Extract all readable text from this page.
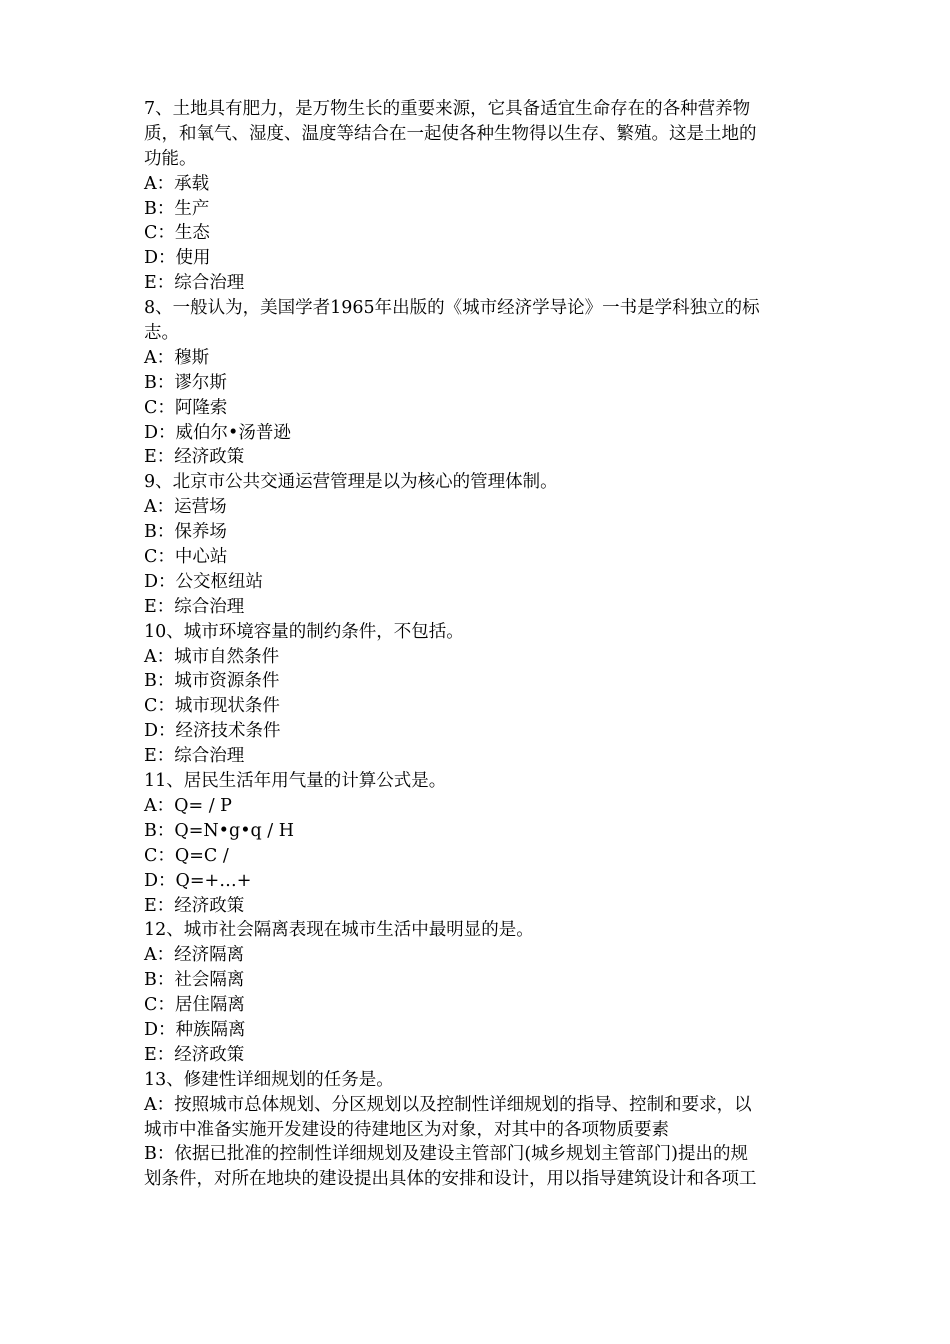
7、土地具有肥力，是万物生长的重要来源，它具备适宜生命存在的各种营养物
质，和氧气、湿度、温度等结合在一起使各种生物得以生存、繁殖。这是土地的
功能。
A：承载
B：生产
C：生态
D：使用
E：综合治理
8、一般认为，美国学者1965年出版的《城市经济学导论》一书是学科独立的标
志。
A：穆斯
B：谬尔斯
C：阿隆索
D：威伯尔•汤普逊
E：经济政策
9、北京市公共交通运营管理是以为核心的管理体制。
A：运营场
B：保养场
C：中心站
D：公交枢纽站
E：综合治理
10、城市环境容量的制约条件，不包括。
A：城市自然条件
B：城市资源条件
C：城市现状条件
D：经济技术条件
E：综合治理
11、居民生活年用气量的计算公式是。
A：Q= / P
B：Q=N•g•q / H
C：Q=C /
D：Q=+…+
E：经济政策
12、城市社会隔离表现在城市生活中最明显的是。
A：经济隔离
B：社会隔离
C：居住隔离
D：种族隔离
E：经济政策
13、修建性详细规划的任务是。
A：按照城市总体规划、分区规划以及控制性详细规划的指导、控制和要求，以
城市中准备实施开发建设的待建地区为对象，对其中的各项物质要素
B：依据已批准的控制性详细规划及建设主管部门(城乡规划主管部门)提出的规
划条件，对所在地块的建设提出具体的安排和设计，用以指导建筑设计和各项工
